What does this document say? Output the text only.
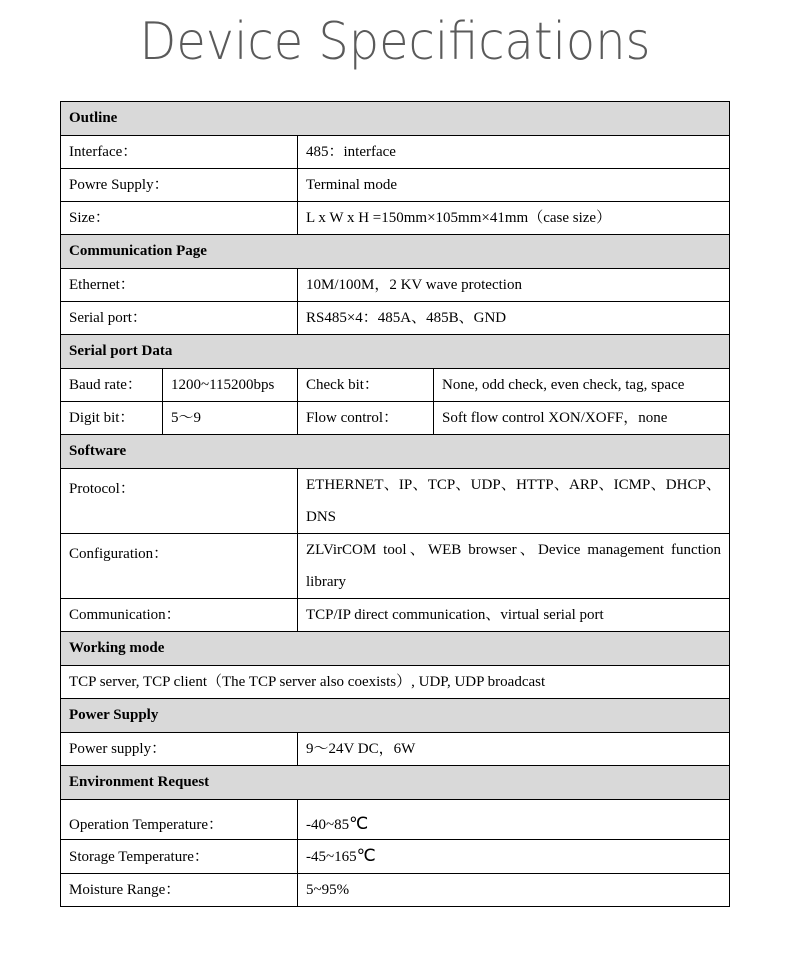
Device Specifications
Outline			
Interface：		485：interface	
Powre Supply：		Terminal mode	
Size：		L x W x H =150mm×105mm×41mm（case size）	
Communication Page			
Ethernet：		10M/100M，2 KV wave protection	
Serial port：		RS485×4：485A、485B、GND	
Serial port Data			
Baud rate：	1200~115200bps	Check bit：	None, odd check, even check, tag, space
Digit bit：	5～9	Flow control：	Soft flow control XON/XOFF，none
Software			
Protocol：		ETHERNET、IP、TCP、UDP、HTTP、ARP、ICMP、DHCP、DNS	
Configuration：		ZLVirCOM tool、WEB browser、Device management function library	
Communication：		TCP/IP direct communication、virtual serial port	
Working mode			
TCP server, TCP client（The TCP server also coexists）, UDP, UDP broadcast			
Power Supply			
Power supply：		9～24V DC，6W	
Environment Request			
Operation Temperature：		-40~85℃	
Storage Temperature：		-45~165℃	
Moisture Range：		5~95%	
